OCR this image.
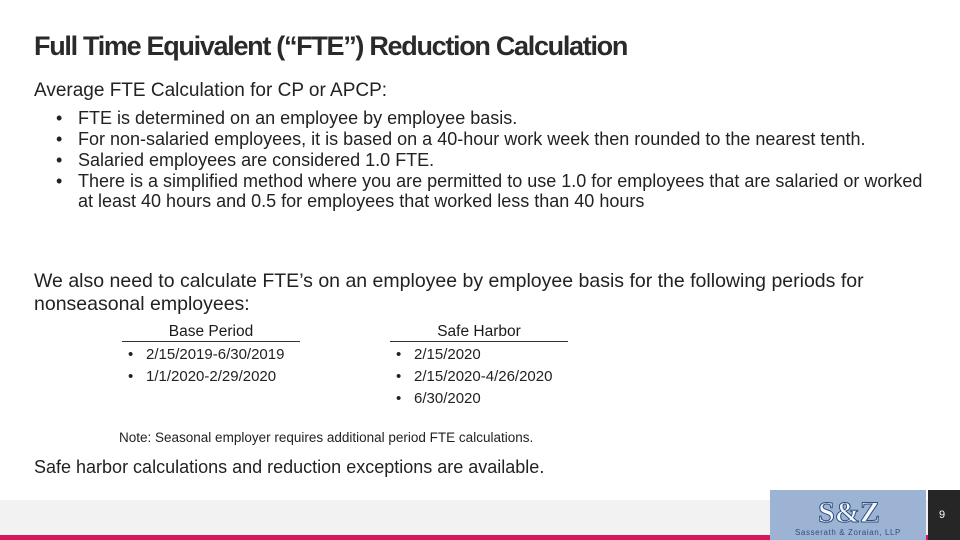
Full Time Equivalent (“FTE”) Reduction Calculation

Average FTE Calculation for CP or APCP:

• FTE is determined on an employee by employee basis.
• For non-salaried employees, it is based on a 40-hour work week then rounded to the nearest tenth.
• Salaried employees are considered 1.0 FTE.
• There is a simplified method where you are permitted to use 1.0 for employees that are salaried or worked at least 40 hours and 0.5 for employees that worked less than 40 hours

We also need to calculate FTE’s on an employee by employee basis for the following periods for nonseasonal employees:

Base Period
• 2/15/2019-6/30/2019
• 1/1/2020-2/29/2020
Safe Harbor
• 2/15/2020
• 2/15/2020-4/26/2020
• 6/30/2020

Note: Seasonal employer requires additional period FTE calculations.

Safe harbor calculations and reduction exceptions are available.

S&Z
Sasserath & Zoraian, LLP
9
